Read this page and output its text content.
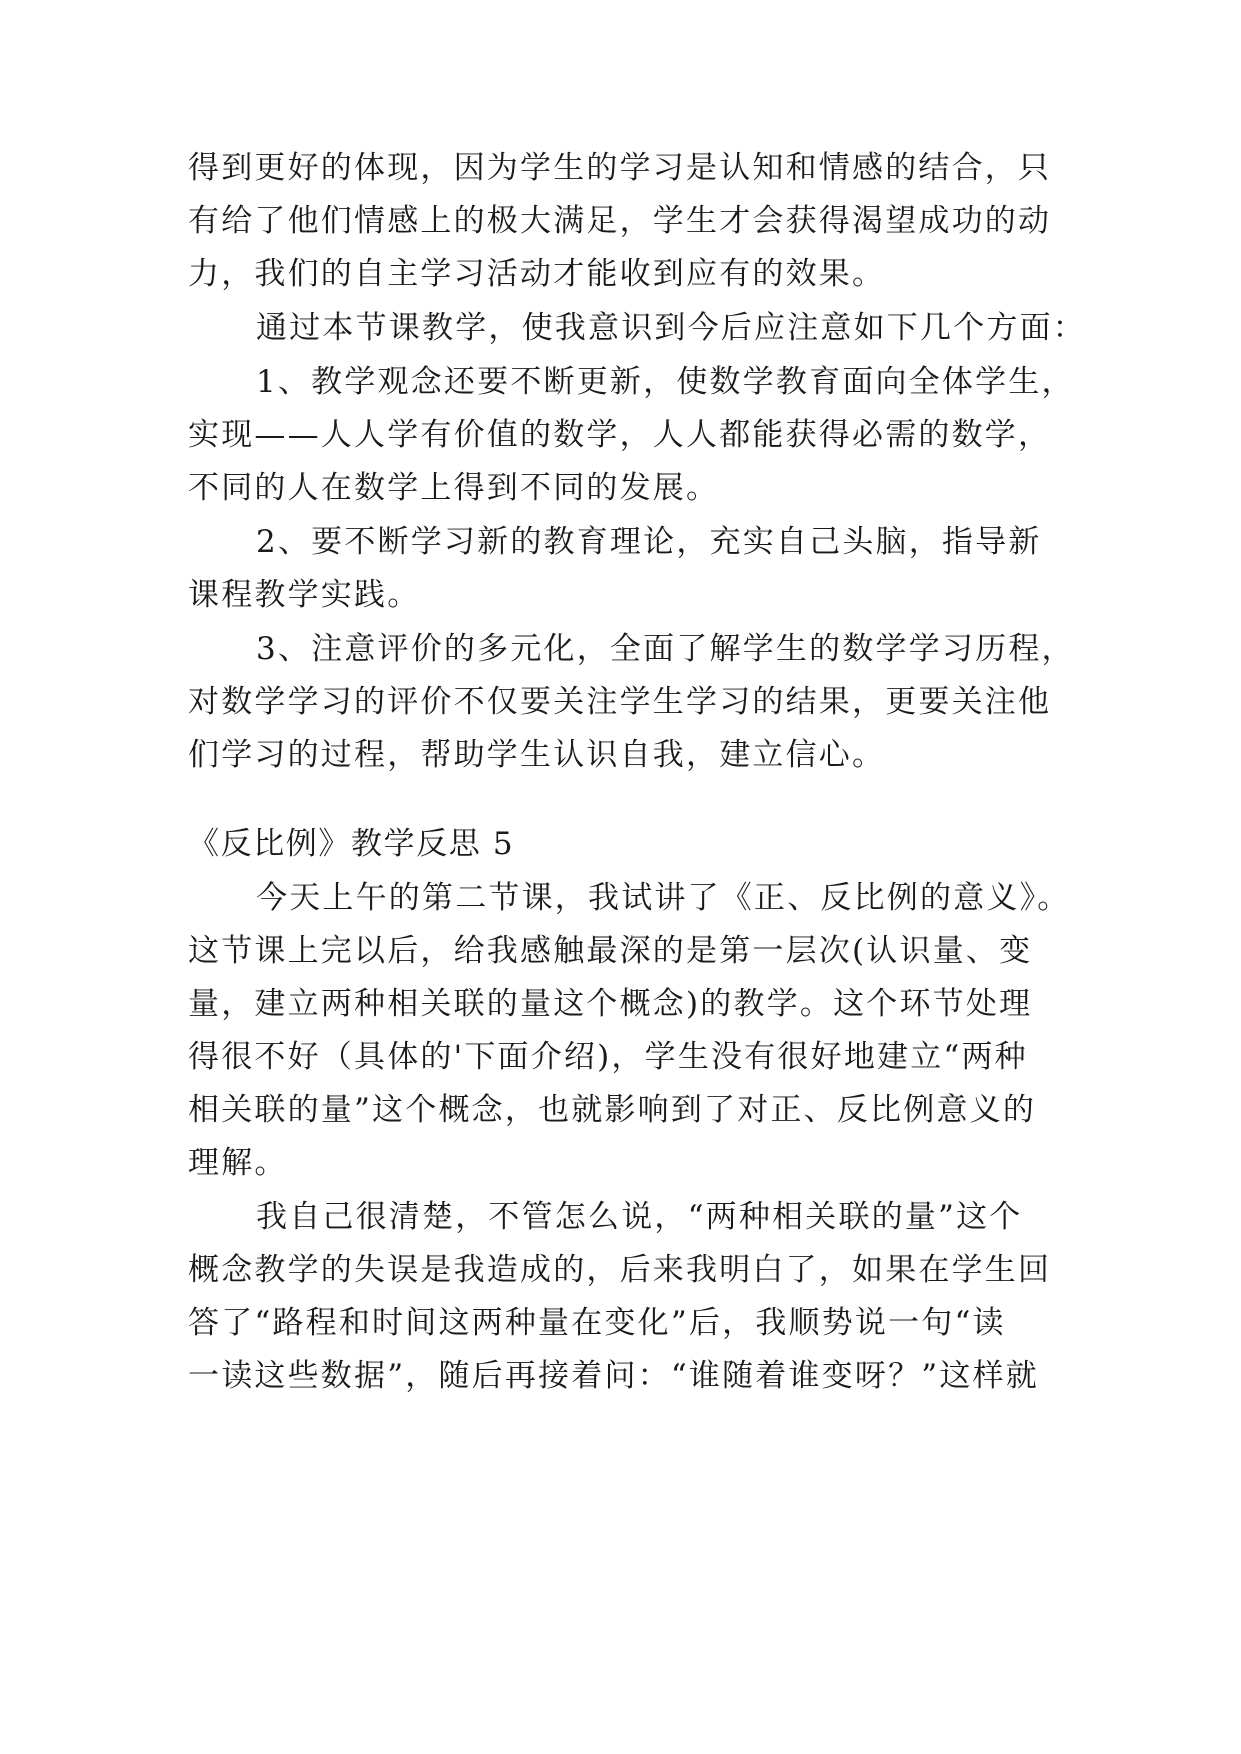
得到更好的体现，因为学生的学习是认知和情感的结合，只
有给了他们情感上的极大满足，学生才会获得渴望成功的动
力，我们的自主学习活动才能收到应有的效果。
通过本节课教学，使我意识到今后应注意如下几个方面：
1、教学观念还要不断更新，使数学教育面向全体学生，
实现——人人学有价值的数学，人人都能获得必需的数学，
不同的人在数学上得到不同的发展。
2、要不断学习新的教育理论，充实自己头脑，指导新
课程教学实践。
3、注意评价的多元化，全面了解学生的数学学习历程，
对数学学习的评价不仅要关注学生学习的结果，更要关注他
们学习的过程，帮助学生认识自我，建立信心。
《反比例》教学反思 5
今天上午的第二节课，我试讲了《正、反比例的意义》。
这节课上完以后，给我感触最深的是第一层次(认识量、变
量，建立两种相关联的量这个概念)的教学。这个环节处理
得很不好（具体的'下面介绍)，学生没有很好地建立“两种
相关联的量”这个概念，也就影响到了对正、反比例意义的
理解。
我自己很清楚，不管怎么说，“两种相关联的量”这个
概念教学的失误是我造成的，后来我明白了，如果在学生回
答了“路程和时间这两种量在变化”后，我顺势说一句“读
一读这些数据”，随后再接着问：“谁随着谁变呀？”这样就
